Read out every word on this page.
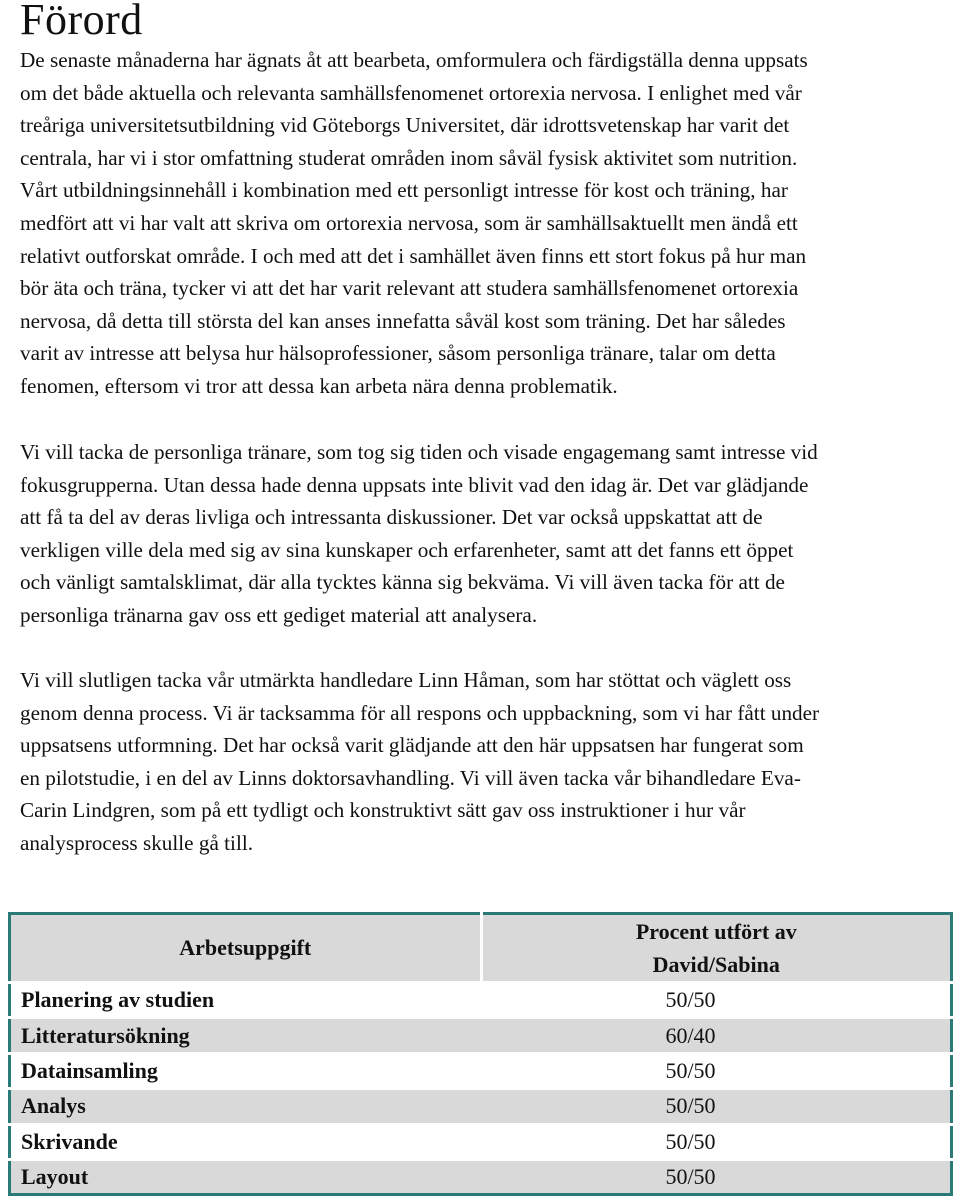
Förord
De senaste månaderna har ägnats åt att bearbeta, omformulera och färdigställa denna uppsats
om det både aktuella och relevanta samhällsfenomenet ortorexia nervosa. I enlighet med vår
treåriga universitetsutbildning vid Göteborgs Universitet, där idrottsvetenskap har varit det
centrala, har vi i stor omfattning studerat områden inom såväl fysisk aktivitet som nutrition.
Vårt utbildningsinnehåll i kombination med ett personligt intresse för kost och träning, har
medfört att vi har valt att skriva om ortorexia nervosa, som är samhällsaktuellt men ändå ett
relativt outforskat område. I och med att det i samhället även finns ett stort fokus på hur man
bör äta och träna, tycker vi att det har varit relevant att studera samhällsfenomenet ortorexia
nervosa, då detta till största del kan anses innefatta såväl kost som träning. Det har således
varit av intresse att belysa hur hälsoprofessioner, såsom personliga tränare, talar om detta
fenomen, eftersom vi tror att dessa kan arbeta nära denna problematik.
Vi vill tacka de personliga tränare, som tog sig tiden och visade engagemang samt intresse vid
fokusgrupperna. Utan dessa hade denna uppsats inte blivit vad den idag är. Det var glädjande
att få ta del av deras livliga och intressanta diskussioner. Det var också uppskattat att de
verkligen ville dela med sig av sina kunskaper och erfarenheter, samt att det fanns ett öppet
och vänligt samtalsklimat, där alla tycktes känna sig bekväma. Vi vill även tacka för att de
personliga tränarna gav oss ett gediget material att analysera.
Vi vill slutligen tacka vår utmärkta handledare Linn Håman, som har stöttat och väglett oss
genom denna process. Vi är tacksamma för all respons och uppbackning, som vi har fått under
uppsatsens utformning. Det har också varit glädjande att den här uppsatsen har fungerat som
en pilotstudie, i en del av Linns doktorsavhandling. Vi vill även tacka vår bihandledare Eva-
Carin Lindgren, som på ett tydligt och konstruktivt sätt gav oss instruktioner i hur vår
analysprocess skulle gå till.
Arbetsuppgift	Procent utfört av
David/Sabina
Planering av studien	50/50
Litteratursökning	60/40
Datainsamling	50/50
Analys	50/50
Skrivande	50/50
Layout	50/50
